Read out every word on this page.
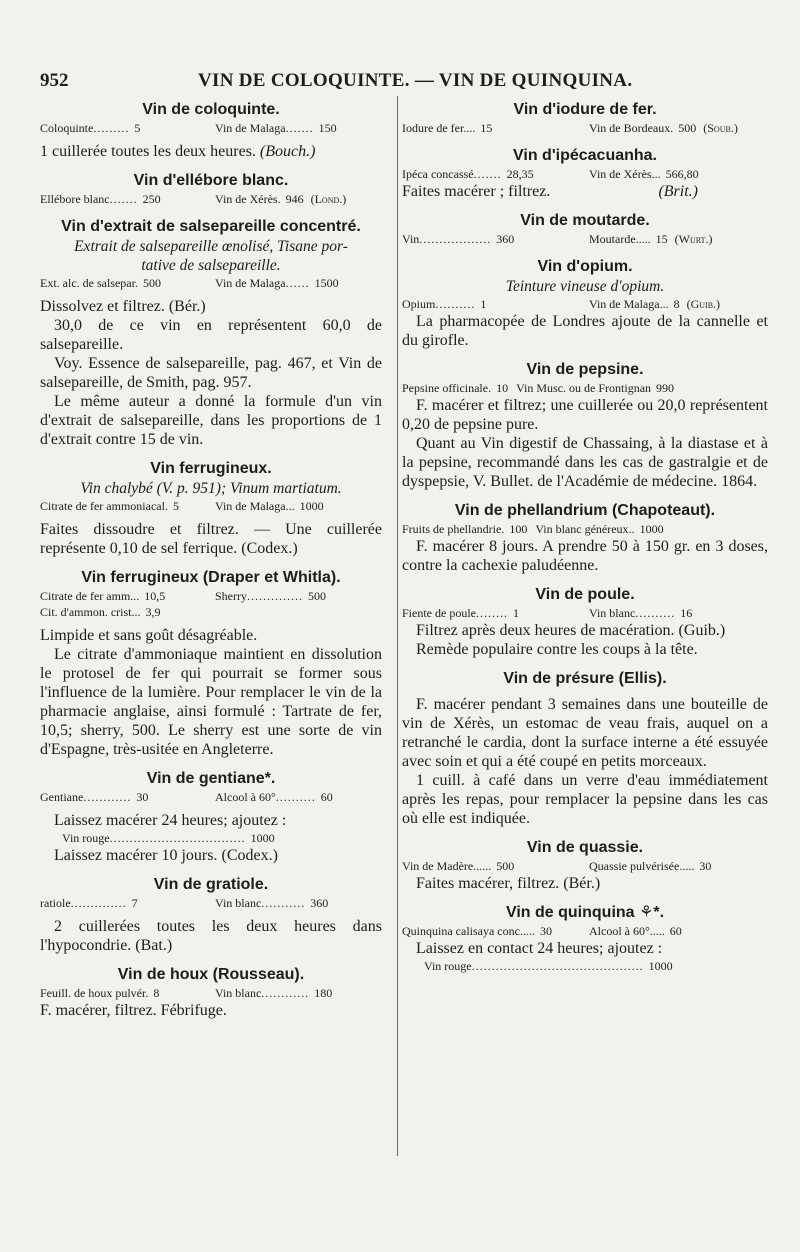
952	VIN DE COLOQUINTE. — VIN DE QUINQUINA.
Vin de coloquinte.
Coloquinte......... 5	Vin de Malaga....... 150

1 cuillerée toutes les deux heures. (Bouch.)

Vin d'ellébore blanc.
Ellébore blanc....... 250	Vin de Xérès. 946 (Lond.)
Vin d'extrait de salsepareille concentré.
Extrait de salsepareille œnolisé, Tisane por-
tative de salsepareille.
Ext. alc. de salsepar. 500	Vin de Malaga...... 1500

Dissolvez et filtrez. (Bér.)

30,0 de ce vin en représentent 60,0 de salsepareille.

Voy. Essence de salsepareille, pag. 467, et Vin de salsepareille, de Smith, pag. 957.

Le même auteur a donné la formule d'un vin d'extrait de salsepareille, dans les proportions de 1 d'extrait contre 15 de vin.

Vin ferrugineux.
Vin chalybé (V. p. 951); Vinum martiatum.
Citrate de fer ammoniacal. 5	Vin de Malaga... 1000

Faites dissoudre et filtrez. — Une cuillerée représente 0,10 de sel ferrique. (Codex.)

Vin ferrugineux (Draper et Whitla).
Citrate de fer amm... 10,5	Sherry.............. 500
Cit. d'ammon. crist... 3,9

Limpide et sans goût désagréable.

Le citrate d'ammoniaque maintient en dissolution le protosel de fer qui pourrait se former sous l'influence de la lumière. Pour remplacer le vin de la pharmacie anglaise, ainsi formulé : Tartrate de fer, 10,5; sherry, 500. Le sherry est une sorte de vin d'Espagne, très-usitée en Angleterre.

Vin de gentiane*.
Gentiane............ 30	Alcool à 60°.......... 60

Laissez macérer 24 heures; ajoutez :

Vin rouge.................................. 1000

Laissez macérer 10 jours. (Codex.)

Vin de gratiole.
ratiole.............. 7	Vin blanc........... 360

2 cuillerées toutes les deux heures dans l'hypocondrie. (Bat.)

Vin de houx (Rousseau).
Feuill. de houx pulvér. 8	Vin blanc............ 180

F. macérer, filtrez. Fébrifuge.

Vin d'iodure de fer.
Iodure de fer.... 15	Vin de Bordeaux. 500 (Soub.)
Vin d'ipécacuanha.
Ipéca concassé....... 28,35	Vin de Xérès... 566,80

Faites macérer ; filtrez.	(Brit.)

Vin de moutarde.
Vin.................. 360	Moutarde..... 15 (Wurt.)
Vin d'opium.
Teinture vineuse d'opium.
Opium.......... 1	Vin de Malaga... 8 (Guib.)

La pharmacopée de Londres ajoute de la cannelle et du girofle.

Vin de pepsine.
Pepsine officinale. 10 Vin Musc. ou de Frontignan 990

F. macérer et filtrez; une cuillerée ou 20,0 représentent 0,20 de pepsine pure.

Quant au Vin digestif de Chassaing, à la diastase et à la pepsine, recommandé dans les cas de gastralgie et de dyspepsie, V. Bullet. de l'Académie de médecine. 1864.

Vin de phellandrium (Chapoteaut).
Fruits de phellandrie. 100 Vin blanc généreux.. 1000

F. macérer 8 jours. A prendre 50 à 150 gr. en 3 doses, contre la cachexie paludéenne.

Vin de poule.
Fiente de poule........ 1	Vin blanc.......... 16

Filtrez après deux heures de macération. (Guib.)

Remède populaire contre les coups à la tête.

Vin de présure (Ellis).

F. macérer pendant 3 semaines dans une bouteille de vin de Xérès, un estomac de veau frais, auquel on a retranché le cardia, dont la surface interne a été essuyée avec soin et qui a été coupé en petits morceaux.

1 cuill. à café dans un verre d'eau immédiatement après les repas, pour remplacer la pepsine dans les cas où elle est indiquée.

Vin de quassie.
Vin de Madère...... 500	Quassie pulvérisée..... 30

Faites macérer, filtrez. (Bér.)

Vin de quinquina ⚘*.
Quinquina calisaya conc..... 30	Alcool à 60°..... 60

Laissez en contact 24 heures; ajoutez :

Vin rouge........................................... 1000
